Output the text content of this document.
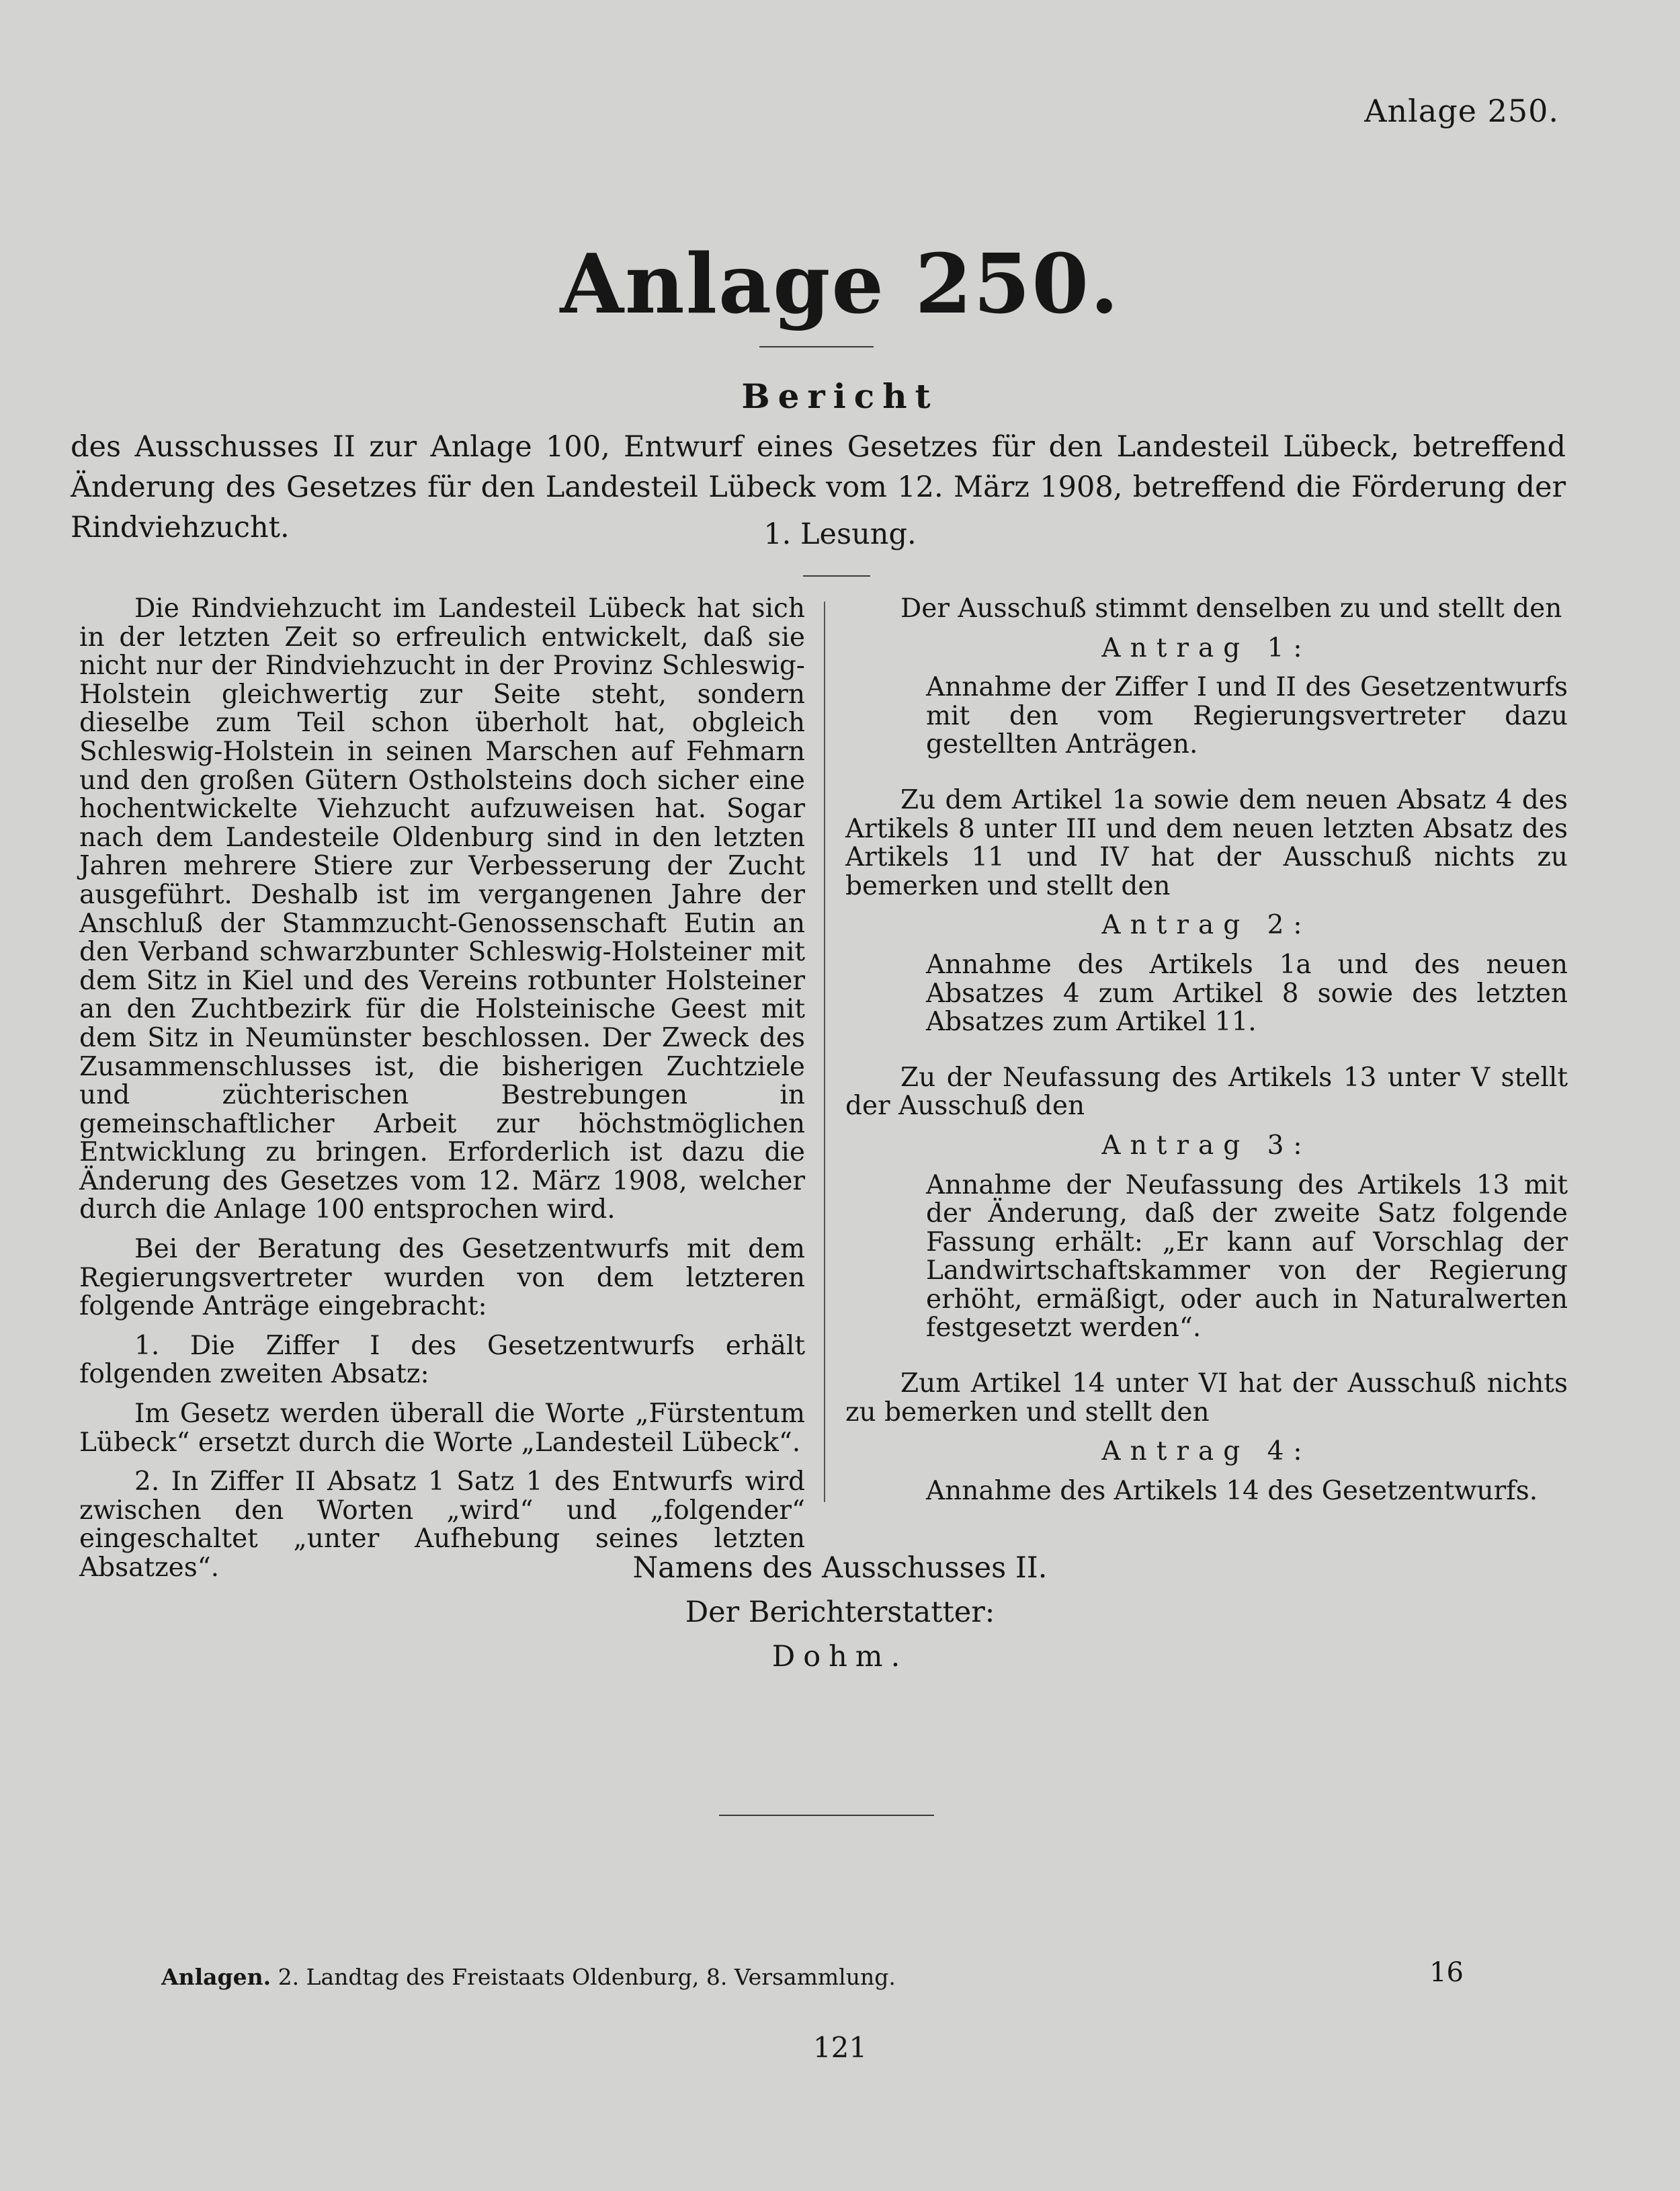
Anlage 250.
Anlage 250.
Bericht
des Ausschusses II zur Anlage 100, Entwurf eines Gesetzes für den Landesteil Lübeck, betreffend Änderung des Gesetzes für den Landesteil Lübeck vom 12. März 1908, betreffend die Förderung der Rindviehzucht.	1. Lesung.

Die Rindviehzucht im Landesteil Lübeck hat sich in der letzten Zeit so erfreulich entwickelt, daß sie nicht nur der Rindviehzucht in der Provinz Schleswig-Holstein gleichwertig zur Seite steht, sondern dieselbe zum Teil schon überholt hat, obgleich Schleswig-Holstein in seinen Marschen auf Fehmarn und den großen Gütern Ostholsteins doch sicher eine hochentwickelte Viehzucht aufzuweisen hat. Sogar nach dem Landesteile Oldenburg sind in den letzten Jahren mehrere Stiere zur Verbesserung der Zucht ausgeführt. Deshalb ist im vergangenen Jahre der Anschluß der Stammzucht-Genossenschaft Eutin an den Verband schwarzbunter Schleswig-Holsteiner mit dem Sitz in Kiel und des Vereins rotbunter Holsteiner an den Zuchtbezirk für die Holsteinische Geest mit dem Sitz in Neumünster beschlossen. Der Zweck des Zusammenschlusses ist, die bisherigen Zuchtziele und züchterischen Bestrebungen in gemeinschaftlicher Arbeit zur höchstmöglichen Entwicklung zu bringen. Erforderlich ist dazu die Änderung des Gesetzes vom 12. März 1908, welcher durch die Anlage 100 entsprochen wird.

Bei der Beratung des Gesetzentwurfs mit dem Regierungsvertreter wurden von dem letzteren folgende Anträge eingebracht:

1. Die Ziffer I des Gesetzentwurfs erhält folgenden zweiten Absatz:

Im Gesetz werden überall die Worte „Fürstentum Lübeck“ ersetzt durch die Worte „Landesteil Lübeck“.

2. In Ziffer II Absatz 1 Satz 1 des Entwurfs wird zwischen den Worten „wird“ und „folgender“ eingeschaltet „unter Aufhebung seines letzten Absatzes“.

Der Ausschuß stimmt denselben zu und stellt den

Antrag 1:

Annahme der Ziffer I und II des Gesetzentwurfs mit den vom Regierungsvertreter dazu gestellten Anträgen.

Zu dem Artikel 1a sowie dem neuen Absatz 4 des Artikels 8 unter III und dem neuen letzten Absatz des Artikels 11 und IV hat der Ausschuß nichts zu bemerken und stellt den

Antrag 2:

Annahme des Artikels 1a und des neuen Absatzes 4 zum Artikel 8 sowie des letzten Absatzes zum Artikel 11.

Zu der Neufassung des Artikels 13 unter V stellt der Ausschuß den

Antrag 3:

Annahme der Neufassung des Artikels 13 mit der Änderung, daß der zweite Satz folgende Fassung erhält: „Er kann auf Vorschlag der Landwirtschaftskammer von der Regierung erhöht, ermäßigt, oder auch in Naturalwerten festgesetzt werden“.

Zum Artikel 14 unter VI hat der Ausschuß nichts zu bemerken und stellt den

Antrag 4:

Annahme des Artikels 14 des Gesetzentwurfs.

Namens des Ausschusses II.
Der Berichterstatter:
Dohm.
Anlagen. 2. Landtag des Freistaats Oldenburg, 8. Versammlung.	16
121
